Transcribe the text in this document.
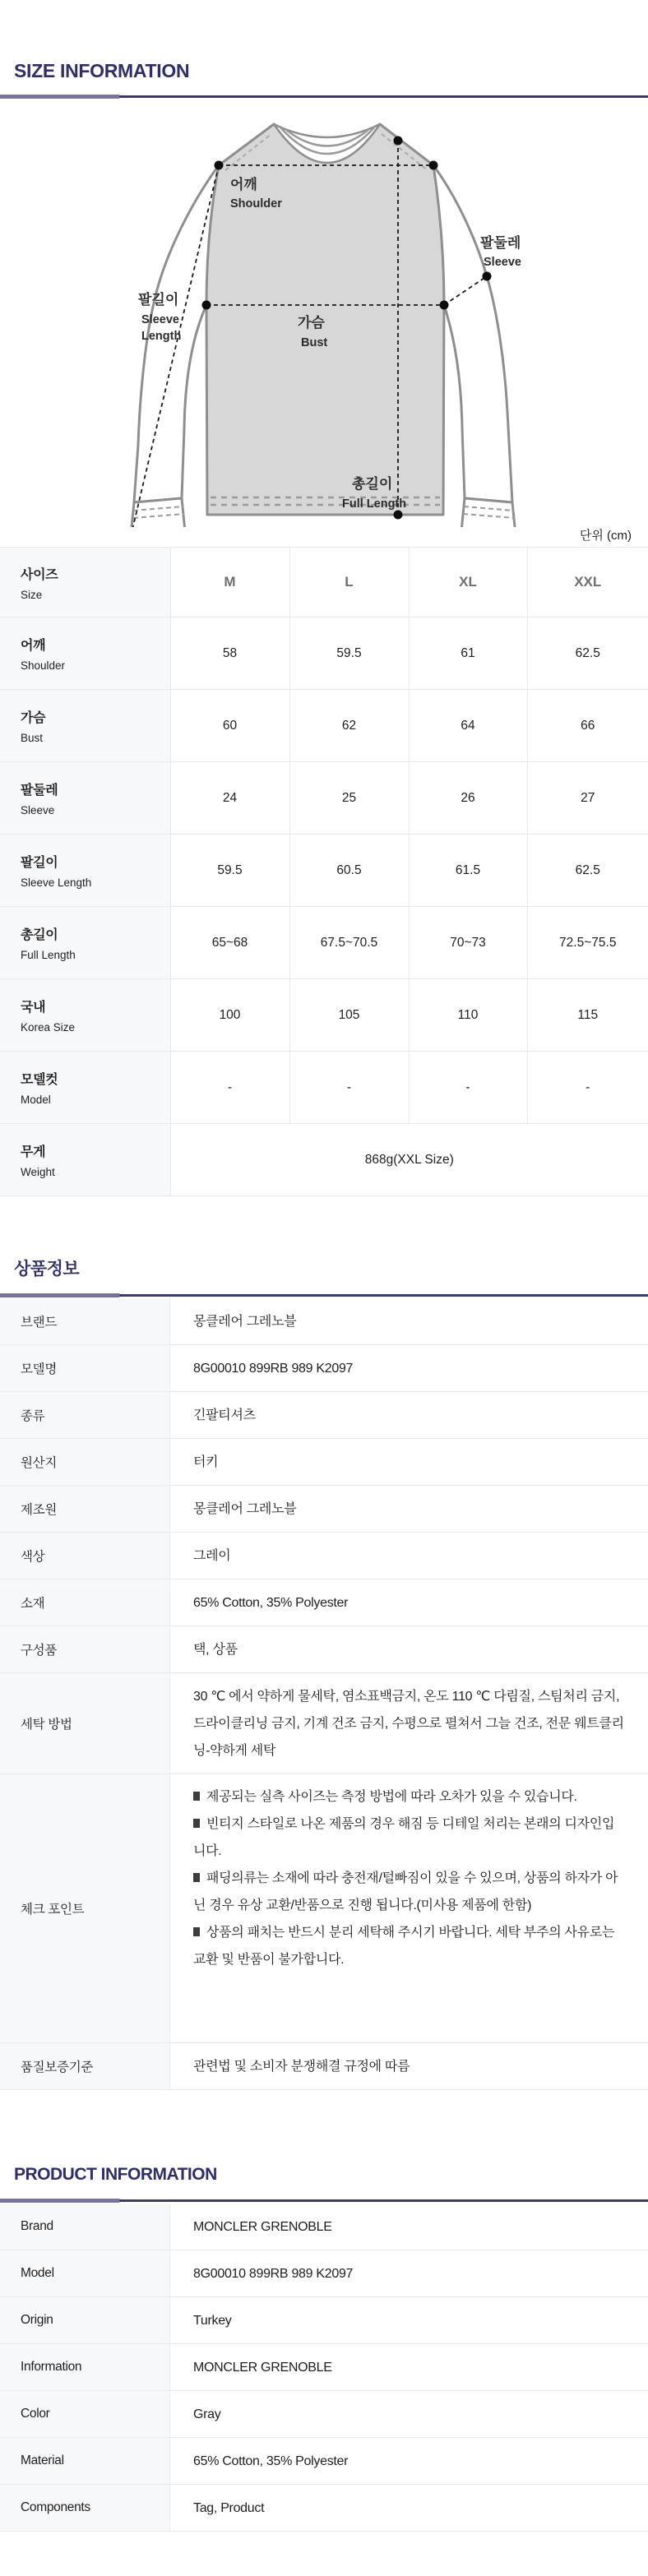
SIZE INFORMATION
어깨
Shoulder
팔둘레
Sleeve
팔길이
Sleeve
Length
가슴
Bust
총길이
Full Length
단위 (cm)
사이즈
Size	M	L	XL	XXL

어깨
Shoulder	58	59.5	61	62.5

가슴
Bust	60	62	64	66

팔둘레
Sleeve	24	25	26	27

팔길이
Sleeve Length	59.5	60.5	61.5	62.5

총길이
Full Length	65~68	67.5~70.5	70~73	72.5~75.5

국내
Korea Size	100	105	110	115

모델컷
Model	-	-	-	-

무게
Weight	868g(XXL Size)			
상품정보
브랜드	몽클레어 그레노블
모델명	8G00010 899RB 989 K2097
종류	긴팔티셔츠
원산지	터키
제조원	몽클레어 그레노블
색상	그레이
소재	65% Cotton, 35% Polyester
구성품	택, 상품
세탁 방법
30 ℃ 에서 약하게 물세탁, 염소표백금지, 온도 110 ℃ 다림질, 스팀처리 금지, 드라이클리닝 금지, 기계 건조 금지, 수평으로 펼쳐서 그늘 건조, 전문 웨트클리닝-약하게 세탁
체크 포인트
제공되는 실측 사이즈는 측정 방법에 따라 오차가 있을 수 있습니다.
빈티지 스타일로 나온 제품의 경우 해짐 등 디테일 처리는 본래의 디자인입니다.
패딩의류는 소재에 따라 충전재/털빠짐이 있을 수 있으며, 상품의 하자가 아닌 경우 유상 교환/반품으로 진행 됩니다.(미사용 제품에 한함)
상품의 패치는 반드시 분리 세탁해 주시기 바랍니다. 세탁 부주의 사유로는 교환 및 반품이 불가합니다.
품질보증기준	관련법 및 소비자 분쟁해결 규정에 따름
PRODUCT INFORMATION
Brand	MONCLER GRENOBLE
Model	8G00010 899RB 989 K2097
Origin	Turkey
Information	MONCLER GRENOBLE
Color	Gray
Material	65% Cotton, 35% Polyester
Components	Tag, Product
